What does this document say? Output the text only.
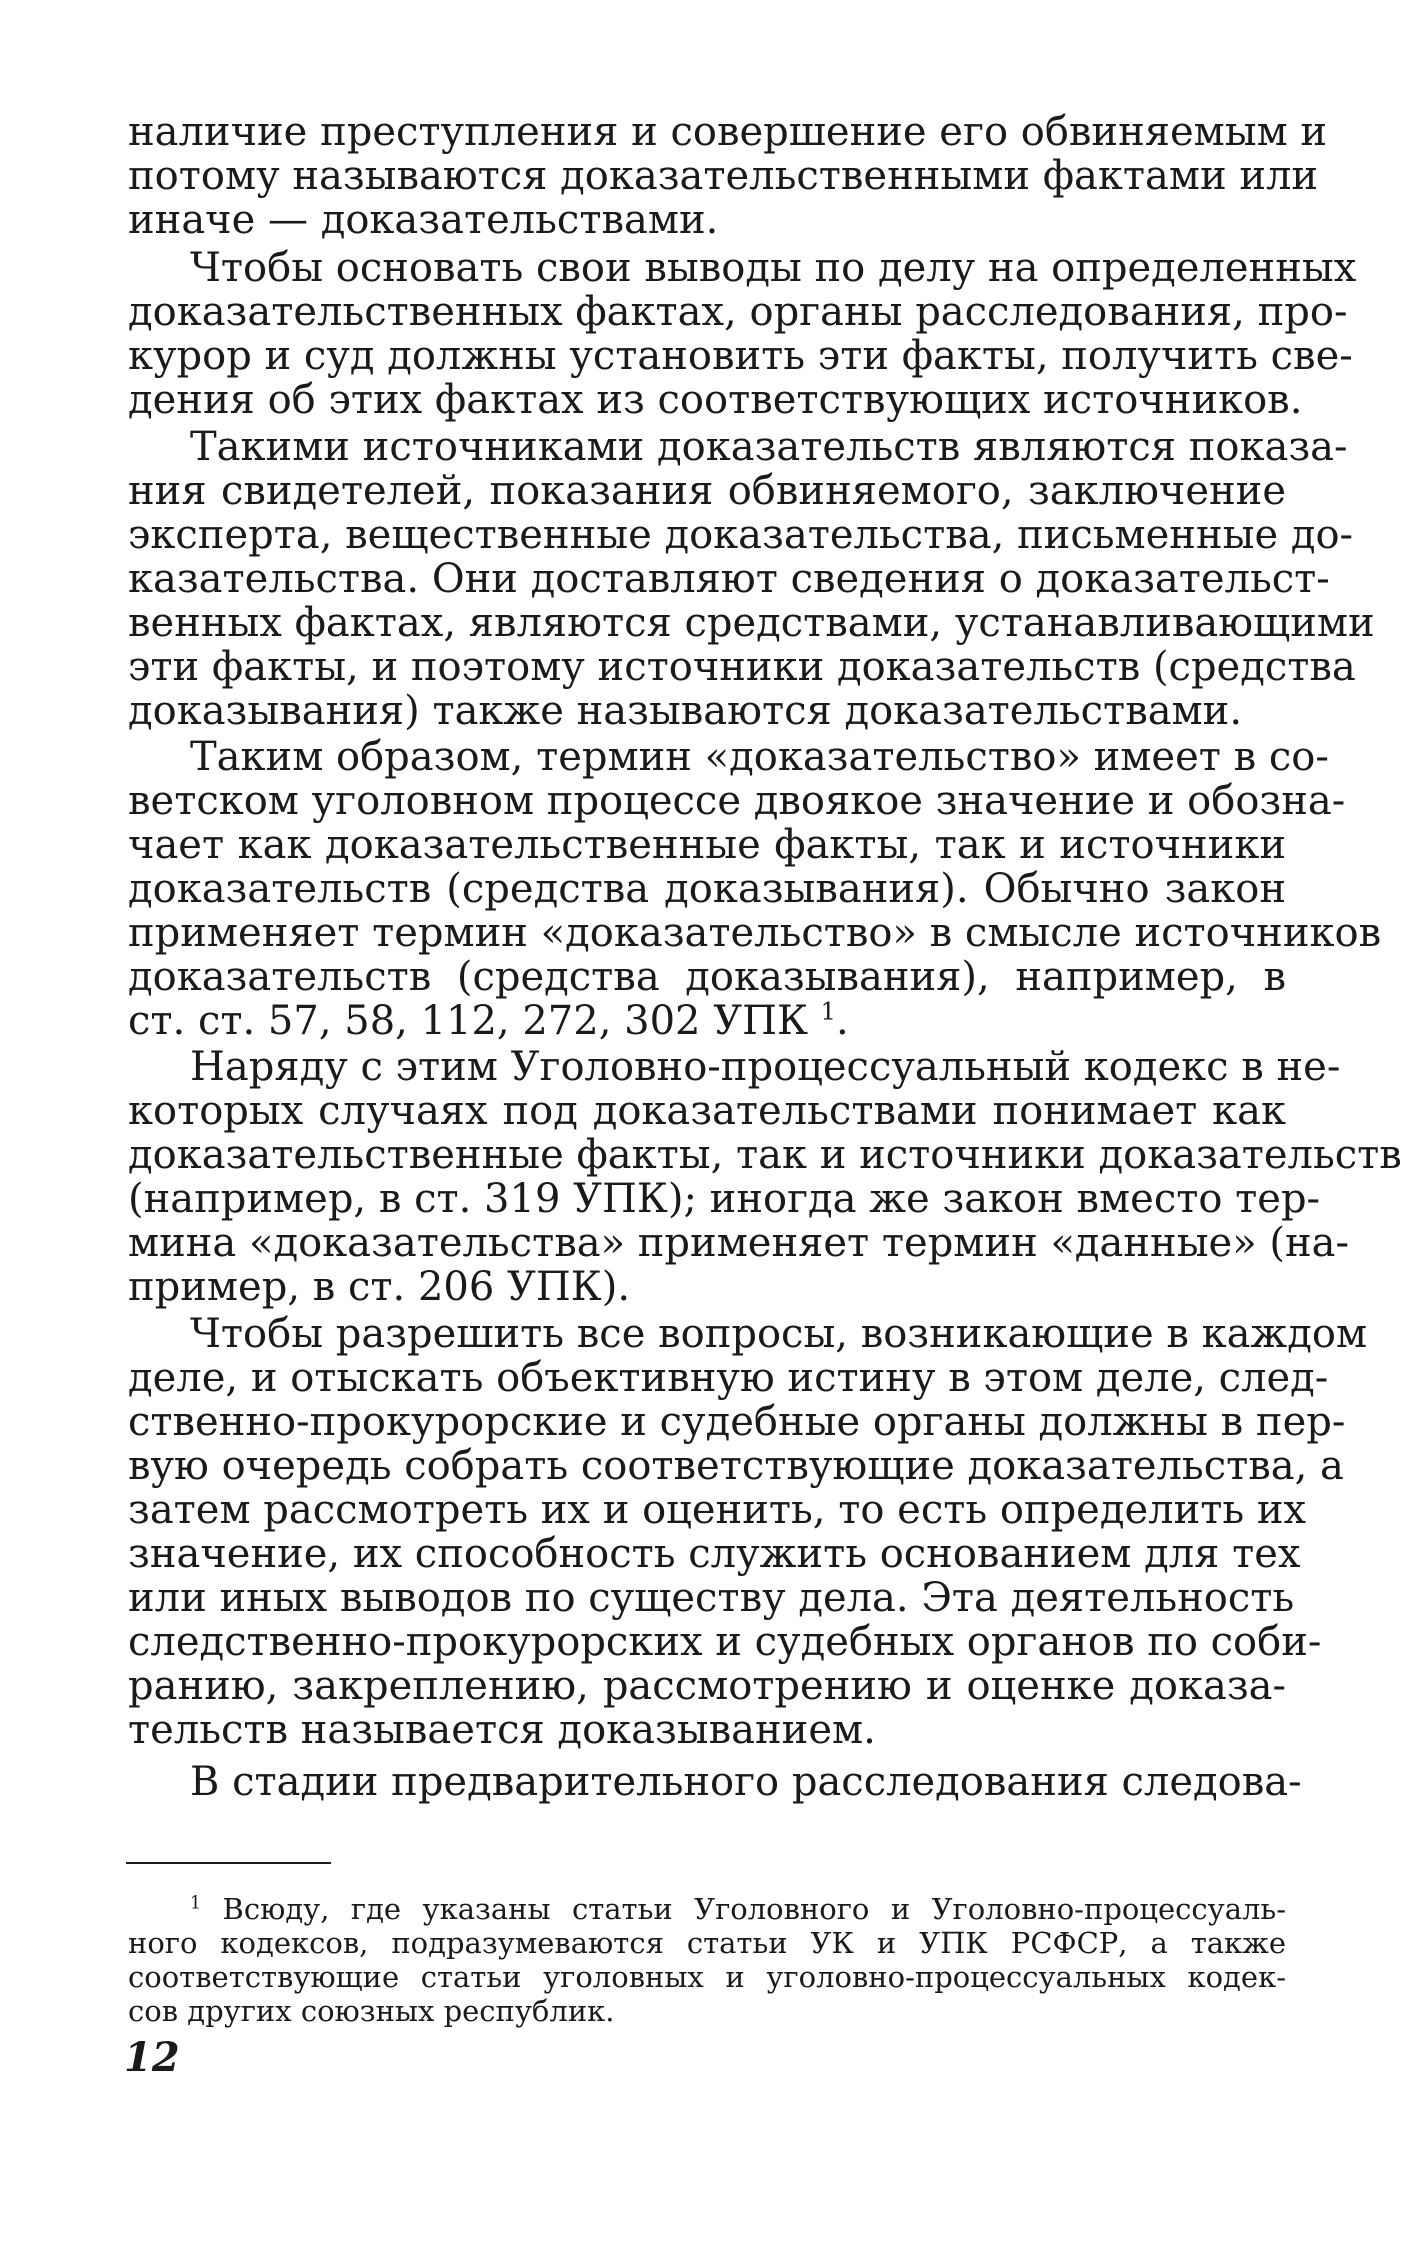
наличие преступления и совершение его обвиняемым и
потому называются доказательственными фактами или
иначе — доказательствами.
Чтобы основать свои выводы по делу на определенных
доказательственных фактах, органы расследования, про-
курор и суд должны установить эти факты, получить све-
дения об этих фактах из соответствующих источников.
Такими источниками доказательств являются показа-
ния свидетелей, показания обвиняемого, заключение
эксперта, вещественные доказательства, письменные до-
казательства. Они доставляют сведения о доказательст-
венных фактах, являются средствами, устанавливающими
эти факты, и поэтому источники доказательств (средства
доказывания) также называются доказательствами.
Таким образом, термин «доказательство» имеет в со-
ветском уголовном процессе двоякое значение и обозна-
чает как доказательственные факты, так и источники
доказательств (средства доказывания). Обычно закон
применяет термин «доказательство» в смысле источников
доказательств (средства доказывания), например, в
ст. ст. 57, 58, 112, 272, 302 УПК $^1$.
Наряду с этим Уголовно-процессуальный кодекс в не-
которых случаях под доказательствами понимает как
доказательственные факты, так и источники доказательств
(например, в ст. 319 УПК); иногда же закон вместо тер-
мина «доказательства» применяет термин «данные» (на-
пример, в ст. 206 УПК).
Чтобы разрешить все вопросы, возникающие в каждом
деле, и отыскать объективную истину в этом деле, след-
ственно-прокурорские и судебные органы должны в пер-
вую очередь собрать соответствующие доказательства, а
затем рассмотреть их и оценить, то есть определить их
значение, их способность служить основанием для тех
или иных выводов по существу дела. Эта деятельность
следственно-прокурорских и судебных органов по соби-
ранию, закреплению, рассмотрению и оценке доказа-
тельств называется доказыванием.
В стадии предварительного расследования следова-
$^1$ Всюду, где указаны статьи Уголовного и Уголовно-процессуаль-
ного кодексов, подразумеваются статьи УК и УПК РСФСР, а также
соответствующие статьи уголовных и уголовно-процессуальных кодек-
сов других союзных республик.
12
